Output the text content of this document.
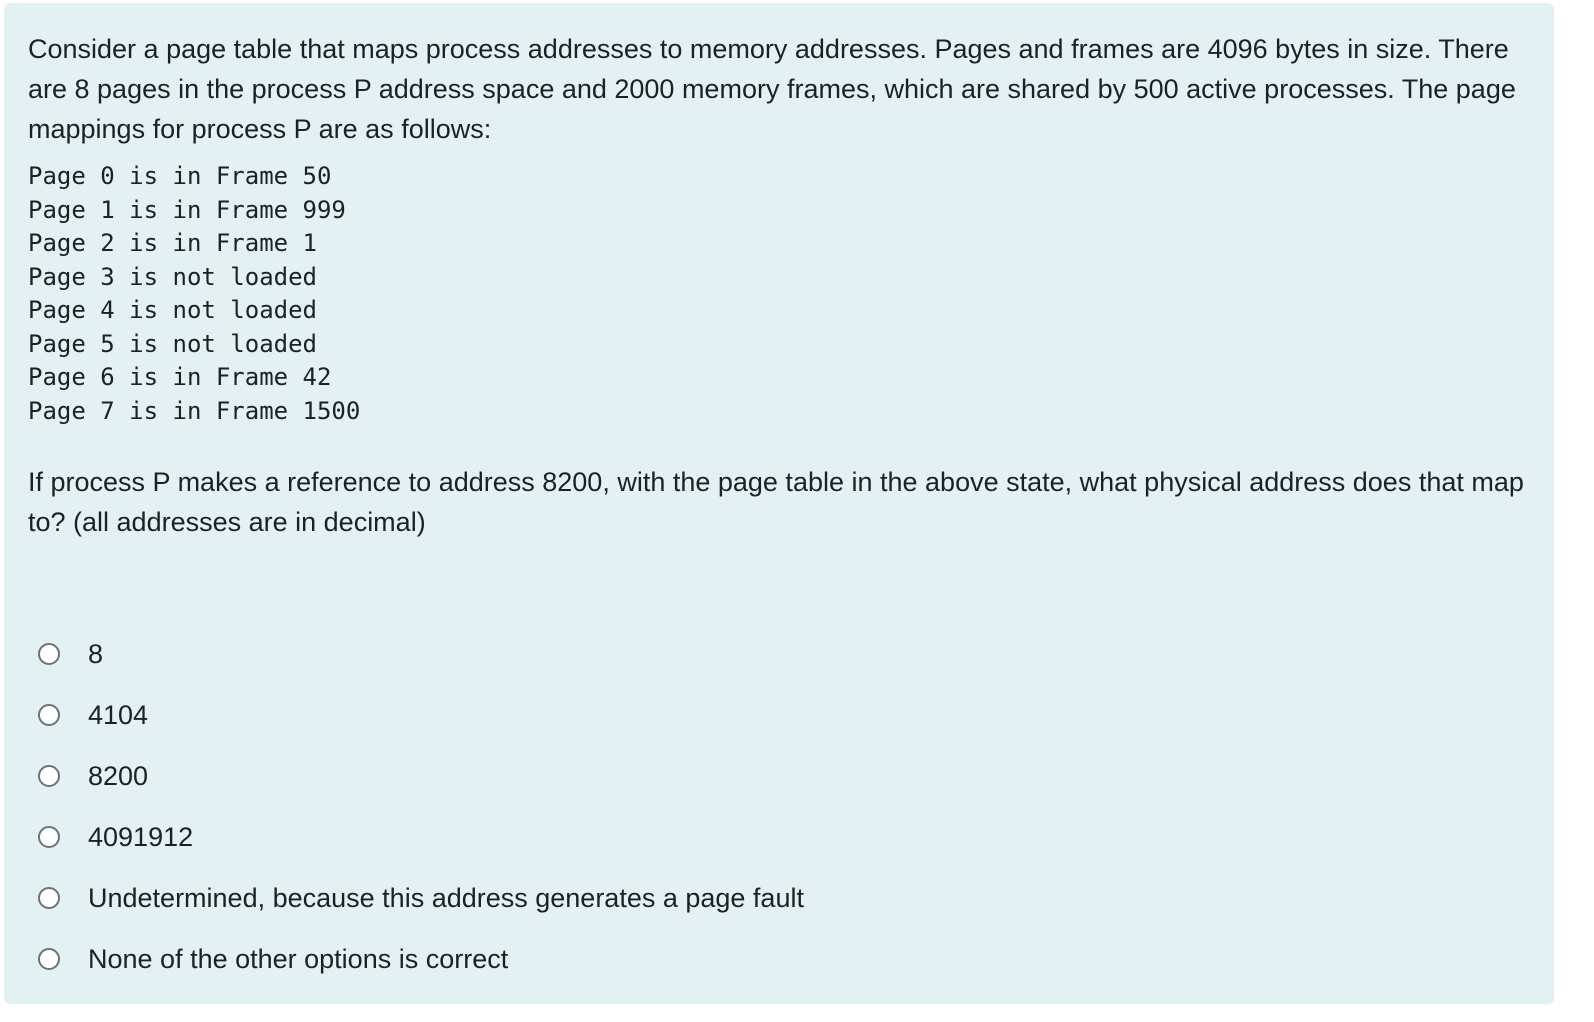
Consider a page table that maps process addresses to memory addresses. Pages and frames are 4096 bytes in size. There are 8 pages in the process P address space and 2000 memory frames, which are shared by 500 active processes. The page mappings for process P are as follows:

Page 0 is in Frame 50
Page 1 is in Frame 999
Page 2 is in Frame 1
Page 3 is not loaded
Page 4 is not loaded
Page 5 is not loaded
Page 6 is in Frame 42
Page 7 is in Frame 1500

If process P makes a reference to address 8200, with the page table in the above state, what physical address does that map to? (all addresses are in decimal)

8
4104
8200
4091912
Undetermined, because this address generates a page fault
None of the other options is correct
